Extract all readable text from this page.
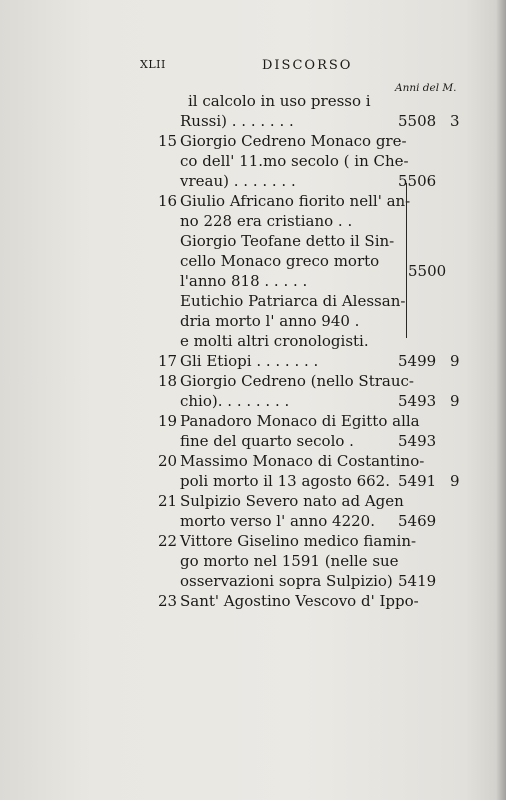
XLII	DISCORSO
Anni del M.
il calcolo in uso presso i
Russi) . . . . . . .
15 Giorgio Cedreno Monaco gre-
co dell' 11.mo secolo ( in Che-
vreau) . . . . . . .
16 Giulio Africano fiorito nell' an-
no 228 era cristiano . .
Giorgio Teofane detto il Sin-
cello Monaco greco morto
l'anno 818 . . . . .
Eutichio Patriarca di Alessan-
dria morto l' anno 940 .
e molti altri cronologisti.
17 Gli Etiopi . . . . . . .
18 Giorgio Cedreno (nello Strauc-
chio). . . . . . . .
19 Panadoro Monaco di Egitto alla
fine del quarto secolo .
20 Massimo Monaco di Costantino-
poli morto il 13 agosto 662.
21 Sulpizio Severo nato ad Agen
morto verso l' anno 4220.
22 Vittore Giselino medico fiamin-
go morto nel 1591 (nelle sue
osservazioni sopra Sulpizio)
23 Sant' Agostino Vescovo d' Ippo-
5508 3
5506
5500
5499 9
5493 9
5493
5491 9
5469
5419
